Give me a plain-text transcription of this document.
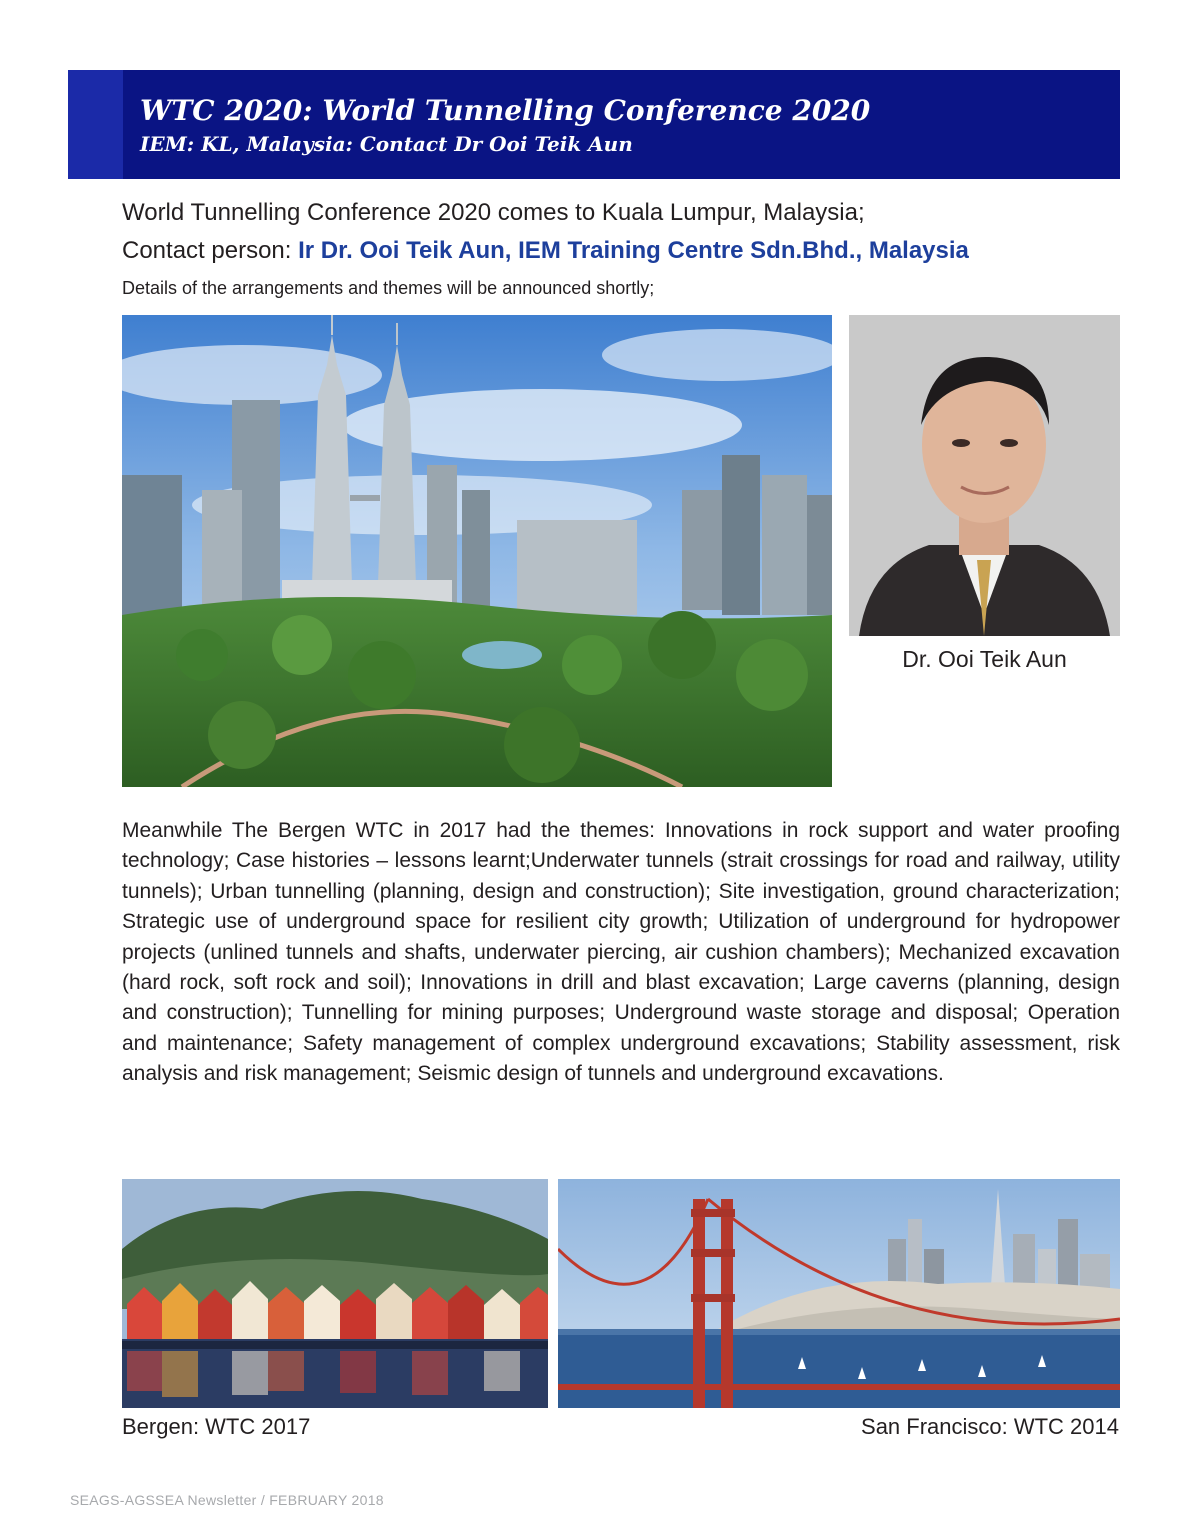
WTC 2020: World Tunnelling Conference 2020
IEM: KL, Malaysia: Contact Dr Ooi Teik Aun
World Tunnelling Conference 2020 comes to Kuala Lumpur, Malaysia;
Contact person: Ir Dr. Ooi Teik Aun, IEM Training Centre Sdn.Bhd., Malaysia
Details of the arrangements and themes will be announced shortly;
Dr. Ooi Teik Aun

Meanwhile The Bergen WTC in 2017 had the themes: Innovations in rock support and water proofing technology; Case histories – lessons learnt;Underwater tunnels (strait crossings for road and railway, utility tunnels); Urban tunnelling (planning, design and construction); Site investigation, ground characterization; Strategic use of underground space for resilient city growth; Utilization of underground for hydropower projects (unlined tunnels and shafts, underwater piercing, air cushion chambers); Mechanized excavation (hard rock, soft rock and soil); Innovations in drill and blast excavation; Large caverns (planning, design and construction); Tunnelling for mining purposes; Underground waste storage and disposal; Operation and maintenance; Safety management of complex underground excavations; Stability assessment, risk analysis and risk management; Seismic design of tunnels and underground excavations.

Bergen: WTC 2017	San Francisco: WTC 2014
SEAGS-AGSSEA Newsletter / FEBRUARY 2018
